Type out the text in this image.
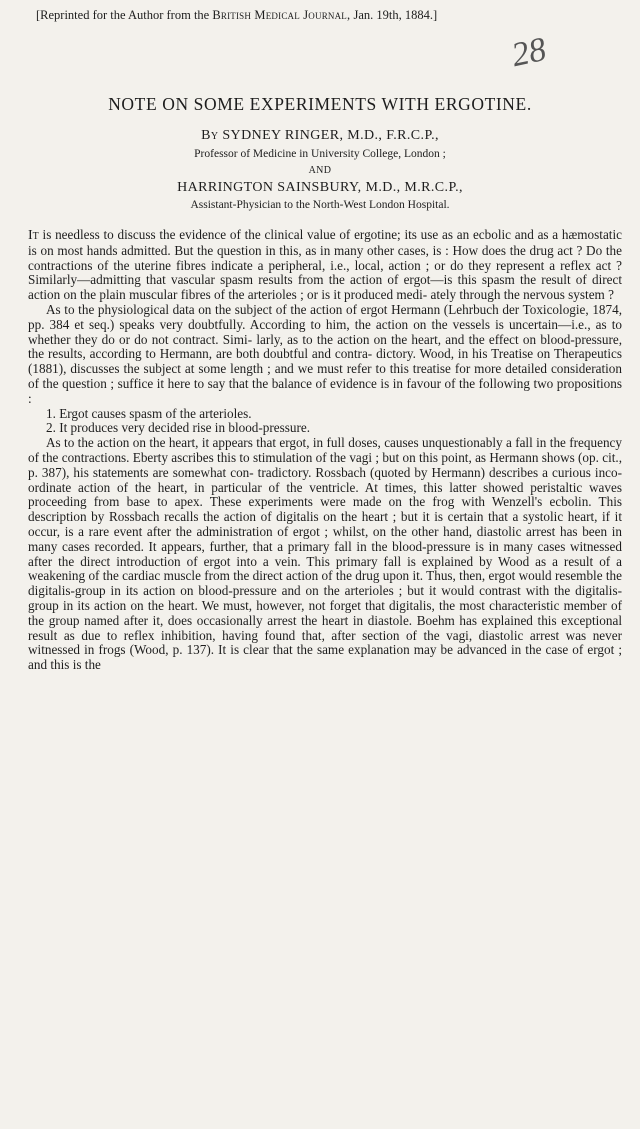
[Reprinted for the Author from the British Medical Journal, Jan. 19th, 1884.]
28
NOTE ON SOME EXPERIMENTS WITH ERGOTINE.
By SYDNEY RINGER, M.D., F.R.C.P.,
Professor of Medicine in University College, London ;
AND
HARRINGTON SAINSBURY, M.D., M.R.C.P.,
Assistant-Physician to the North-West London Hospital.

It is needless to discuss the evidence of the clinical value of ergotine; its use as an ecbolic and as a hæmostatic is on most hands admitted. But the question in this, as in many other cases, is : How does the drug act ? Do the contractions of the uterine fibres indicate a peripheral, i.e., local, action ; or do they represent a reflex act ? Similarly—admitting that vascular spasm results from the action of ergot—is this spasm the result of direct action on the plain muscular fibres of the arterioles ; or is it produced medi- ately through the nervous system ?

As to the physiological data on the subject of the action of ergot Hermann (Lehrbuch der Toxicologie, 1874, pp. 384 et seq.) speaks very doubtfully. According to him, the action on the vessels is uncertain—i.e., as to whether they do or do not contract. Simi- larly, as to the action on the heart, and the effect on blood-pressure, the results, according to Hermann, are both doubtful and contra- dictory. Wood, in his Treatise on Therapeutics (1881), discusses the subject at some length ; and we must refer to this treatise for more detailed consideration of the question ; suffice it here to say that the balance of evidence is in favour of the following two propositions :

1. Ergot causes spasm of the arterioles.

2. It produces very decided rise in blood-pressure.

As to the action on the heart, it appears that ergot, in full doses, causes unquestionably a fall in the frequency of the contractions. Eberty ascribes this to stimulation of the vagi ; but on this point, as Hermann shows (op. cit., p. 387), his statements are somewhat con- tradictory. Rossbach (quoted by Hermann) describes a curious inco-ordinate action of the heart, in particular of the ventricle. At times, this latter showed peristaltic waves proceeding from base to apex. These experiments were made on the frog with Wenzell's ecbolin. This description by Rossbach recalls the action of digitalis on the heart ; but it is certain that a systolic heart, if it occur, is a rare event after the administration of ergot ; whilst, on the other hand, diastolic arrest has been in many cases recorded. It appears, further, that a primary fall in the blood-pressure is in many cases witnessed after the direct introduction of ergot into a vein. This primary fall is explained by Wood as a result of a weakening of the cardiac muscle from the direct action of the drug upon it. Thus, then, ergot would resemble the digitalis-group in its action on blood-pressure and on the arterioles ; but it would contrast with the digitalis-group in its action on the heart. We must, however, not forget that digitalis, the most characteristic member of the group named after it, does occasionally arrest the heart in diastole. Boehm has explained this exceptional result as due to reflex inhibition, having found that, after section of the vagi, diastolic arrest was never witnessed in frogs (Wood, p. 137). It is clear that the same explanation may be advanced in the case of ergot ; and this is the
